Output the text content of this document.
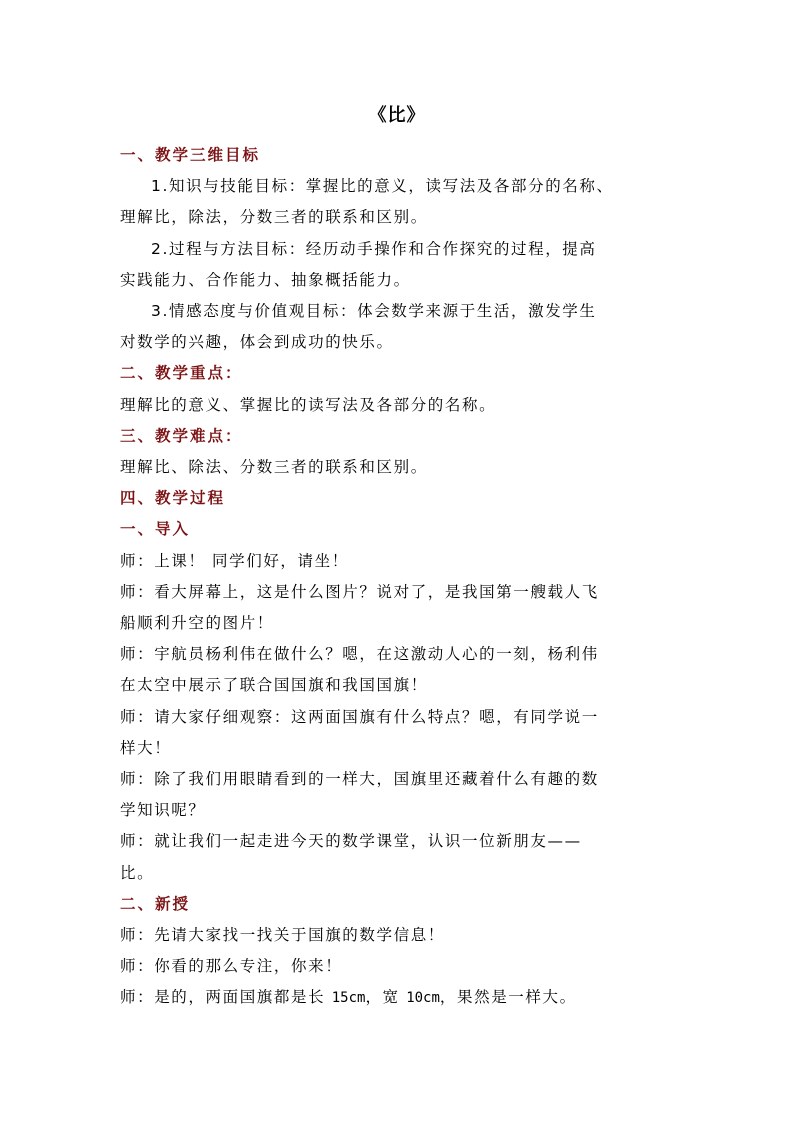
《比》
一、教学三维目标
1.知识与技能目标：掌握比的意义，读写法及各部分的名称、
理解比，除法，分数三者的联系和区别。
2.过程与方法目标：经历动手操作和合作探究的过程，提高
实践能力、合作能力、抽象概括能力。
3.情感态度与价值观目标：体会数学来源于生活，激发学生
对数学的兴趣，体会到成功的快乐。
二、教学重点：
理解比的意义、掌握比的读写法及各部分的名称。
三、教学难点：
理解比、除法、分数三者的联系和区别。
四、教学过程
一、导入
师：上课！ 同学们好，请坐！
师：看大屏幕上，这是什么图片？说对了，是我国第一艘载人飞
船顺利升空的图片！
师：宇航员杨利伟在做什么？嗯，在这激动人心的一刻，杨利伟
在太空中展示了联合国国旗和我国国旗！
师：请大家仔细观察：这两面国旗有什么特点？嗯，有同学说一
样大！
师：除了我们用眼睛看到的一样大，国旗里还藏着什么有趣的数
学知识呢？
师：就让我们一起走进今天的数学课堂，认识一位新朋友——
比。
二、新授
师：先请大家找一找关于国旗的数学信息！
师：你看的那么专注，你来！
师：是的，两面国旗都是长 15cm，宽 10cm，果然是一样大。
